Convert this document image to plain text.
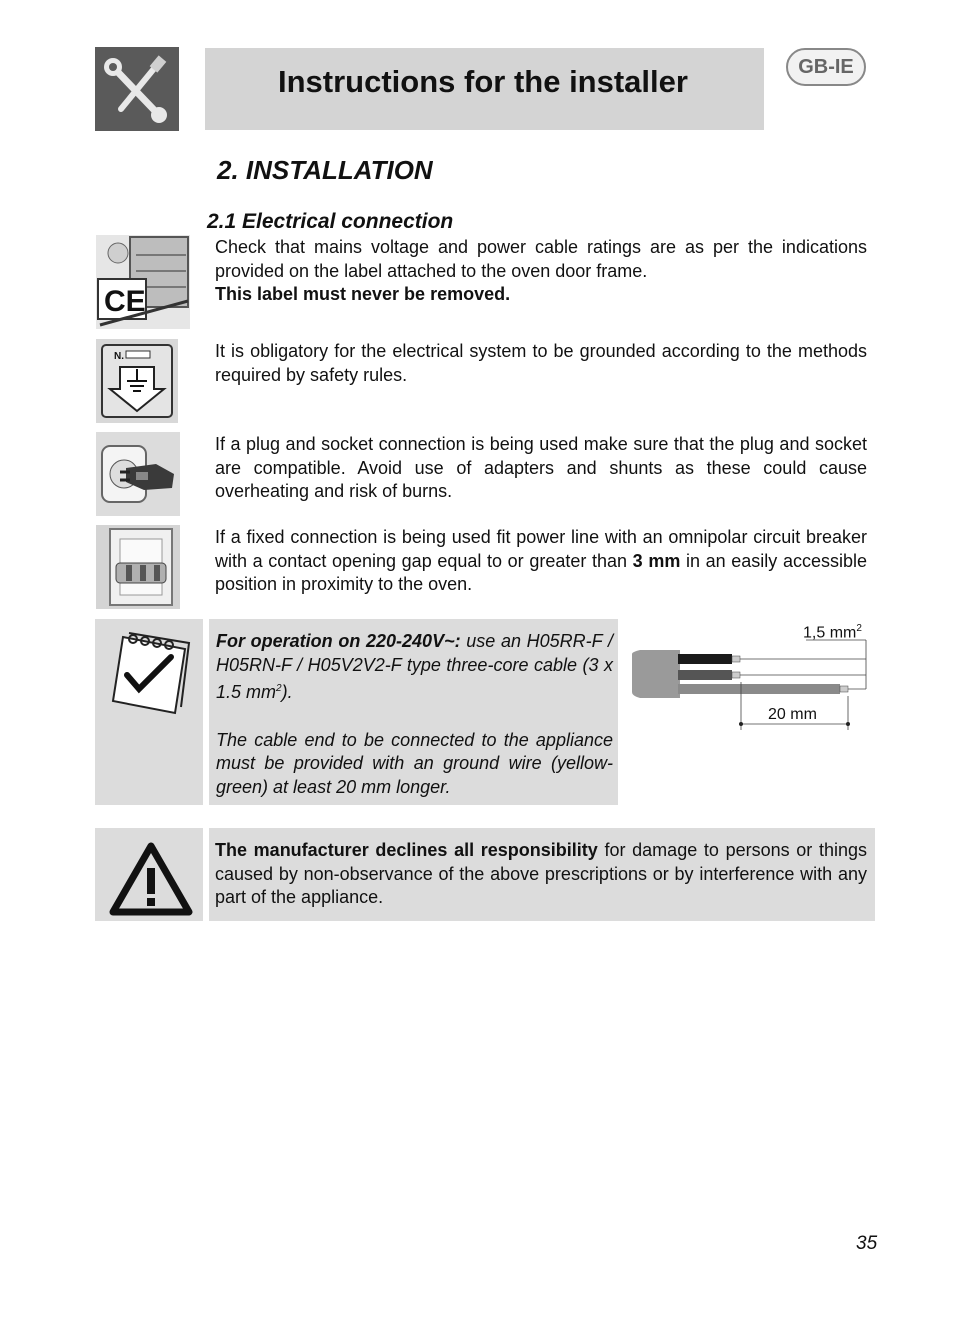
Instructions for the installer	GB-IE
2. INSTALLATION
2.1 Electrical connection
CE

Check that mains voltage and power cable ratings are as per the indications provided on the label attached to the oven door frame.

This label must never be removed.

N.	It is obligatory for the electrical system to be grounded according to the methods required by safety rules.
If a plug and socket connection is being used make sure that the plug and socket are compatible. Avoid use of adapters and shunts as these could cause overheating and risk of burns.
If a fixed connection is being used fit power line with an omnipolar circuit breaker with a contact opening gap equal to or greater than 3 mm in an easily accessible position in proximity to the oven.

For operation on 220-240V~: use an H05RR-F / H05RN-F / H05V2V2-F type three-core cable (3 x 1.5 $mm^2$).

The cable end to be connected to the appliance must be provided with an ground wire (yellow-green) at least 20 mm longer.

1,5 $mm^2$
20 mm
The manufacturer declines all responsibility for damage to persons or things caused by non-observance of the above prescriptions or by interference with any part of the appliance.
35
